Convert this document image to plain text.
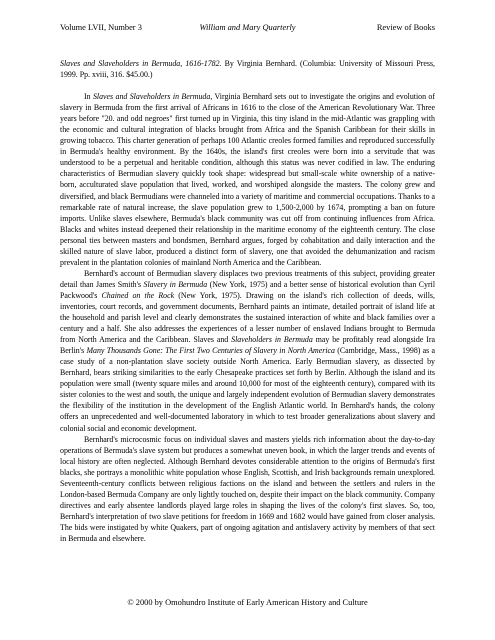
Volume LVII, Number 3	William and Mary Quarterly	Review of Books

Slaves and Slaveholders in Bermuda, 1616-1782. By Virginia Bernhard. (Columbia: University of Missouri Press, 1999. Pp. xviii, 316. $45.00.)

In Slaves and Slaveholders in Bermuda, Virginia Bernhard sets out to investigate the origins and evolution of slavery in Bermuda from the first arrival of Africans in 1616 to the close of the American Revolutionary War. Three years before "20. and odd negroes" first turned up in Virginia, this tiny island in the mid-Atlantic was grappling with the economic and cultural integration of blacks brought from Africa and the Spanish Caribbean for their skills in growing tobacco. This charter generation of perhaps 100 Atlantic creoles formed families and reproduced successfully in Bermuda's healthy environment. By the 1640s, the island's first creoles were born into a servitude that was understood to be a perpetual and heritable condition, although this status was never codified in law. The enduring characteristics of Bermudian slavery quickly took shape: widespread but small-scale white ownership of a native-born, acculturated slave population that lived, worked, and worshiped alongside the masters. The colony grew and diversified, and black Bermudians were channeled into a variety of maritime and commercial occupations. Thanks to a remarkable rate of natural increase, the slave population grew to 1,500-2,000 by 1674, prompting a ban on future imports. Unlike slaves elsewhere, Bermuda's black community was cut off from continuing influences from Africa. Blacks and whites instead deepened their relationship in the maritime economy of the eighteenth century. The close personal ties between masters and bondsmen, Bernhard argues, forged by cohabitation and daily interaction and the skilled nature of slave labor, produced a distinct form of slavery, one that avoided the dehumanization and racism prevalent in the plantation colonies of mainland North America and the Caribbean.

Bernhard's account of Bermudian slavery displaces two previous treatments of this subject, providing greater detail than James Smith's Slavery in Bermuda (New York, 1975) and a better sense of historical evolution than Cyril Packwood's Chained on the Rock (New York, 1975). Drawing on the island's rich collection of deeds, wills, inventories, court records, and government documents, Bernhard paints an intimate, detailed portrait of island life at the household and parish level and clearly demonstrates the sustained interaction of white and black families over a century and a half. She also addresses the experiences of a lesser number of enslaved Indians brought to Bermuda from North America and the Caribbean. Slaves and Slaveholders in Bermuda may be profitably read alongside Ira Berlin's Many Thousands Gone: The First Two Centuries of Slavery in North America (Cambridge, Mass., 1998) as a case study of a non-plantation slave society outside North America. Early Bermudian slavery, as dissected by Bernhard, bears striking similarities to the early Chesapeake practices set forth by Berlin. Although the island and its population were small (twenty square miles and around 10,000 for most of the eighteenth century), compared with its sister colonies to the west and south, the unique and largely independent evolution of Bermudian slavery demonstrates the flexibility of the institution in the development of the English Atlantic world. In Bernhard's hands, the colony offers an unprecedented and well-documented laboratory in which to test broader generalizations about slavery and colonial social and economic development.

Bernhard's microcosmic focus on individual slaves and masters yields rich information about the day-to-day operations of Bermuda's slave system but produces a somewhat uneven book, in which the larger trends and events of local history are often neglected. Although Bernhard devotes considerable attention to the origins of Bermuda's first blacks, she portrays a monolithic white population whose English, Scottish, and Irish backgrounds remain unexplored. Seventeenth-century conflicts between religious factions on the island and between the settlers and rulers in the London-based Bermuda Company are only lightly touched on, despite their impact on the black community. Company directives and early absentee landlords played large roles in shaping the lives of the colony's first slaves. So, too, Bernhard's interpretation of two slave petitions for freedom in 1669 and 1682 would have gained from closer analysis. The bids were instigated by white Quakers, part of ongoing agitation and antislavery activity by members of that sect in Bermuda and elsewhere.

© 2000 by Omohundro Institute of Early American History and Culture
